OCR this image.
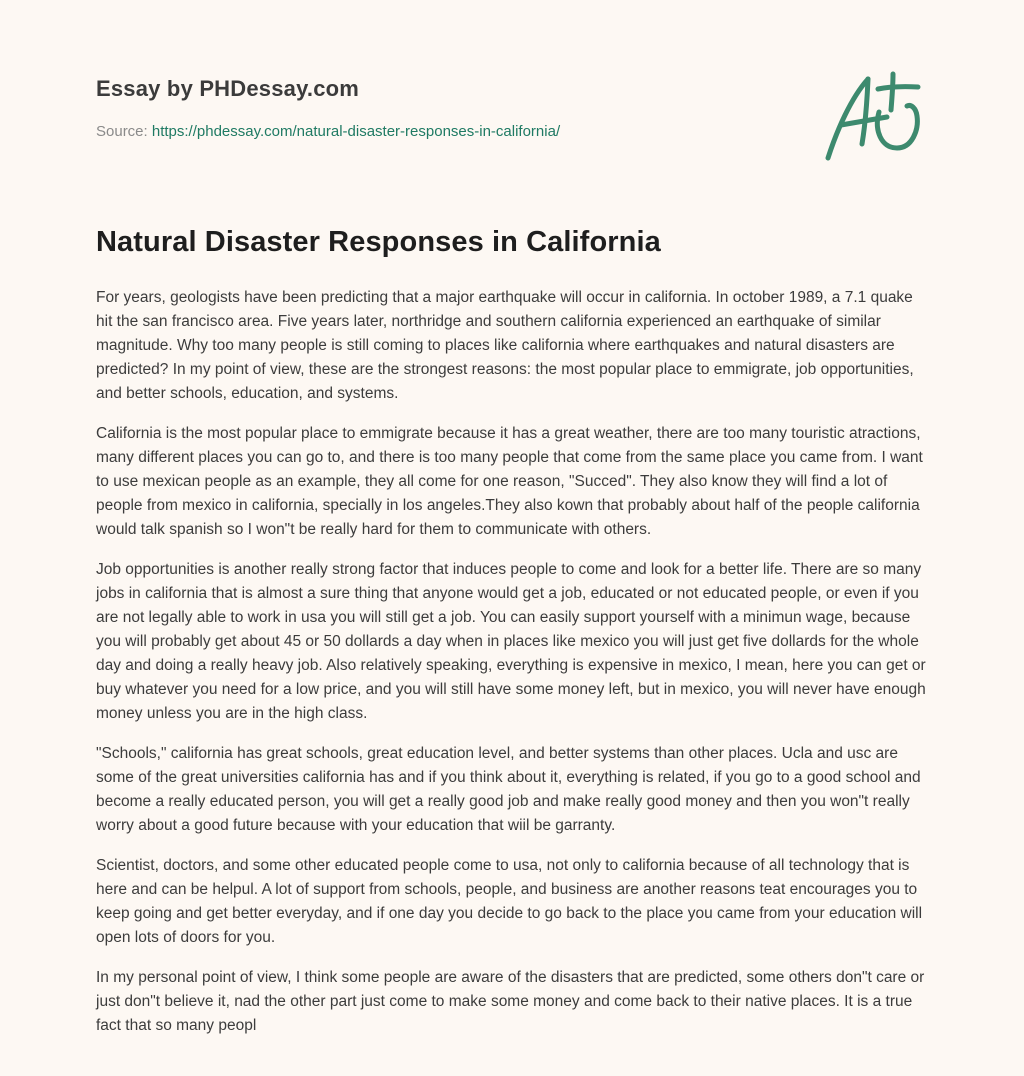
Essay by PHDessay.com
Source: https://phdessay.com/natural-disaster-responses-in-california/
Natural Disaster Responses in California

For years, geologists have been predicting that a major earthquake will occur in california. In october 1989, a 7.1 quake hit the san francisco area. Five years later, northridge and southern california experienced an earthquake of similar magnitude. Why too many people is still coming to places like california where earthquakes and natural disasters are predicted? In my point of view, these are the strongest reasons: the most popular place to emmigrate, job opportunities, and better schools, education, and systems.

California is the most popular place to emmigrate because it has a great weather, there are too many touristic atractions, many different places you can go to, and there is too many people that come from the same place you came from. I want to use mexican people as an example, they all come for one reason, "Succed". They also know they will find a lot of people from mexico in california, specially in los angeles.They also kown that probably about half of the people california would talk spanish so I won"t be really hard for them to communicate with others.

Job opportunities is another really strong factor that induces people to come and look for a better life. There are so many jobs in california that is almost a sure thing that anyone would get a job, educated or not educated people, or even if you are not legally able to work in usa you will still get a job. You can easily support yourself with a minimun wage, because you will probably get about 45 or 50 dollards a day when in places like mexico you will just get five dollards for the whole day and doing a really heavy job. Also relatively speaking, everything is expensive in mexico, I mean, here you can get or buy whatever you need for a low price, and you will still have some money left, but in mexico, you will never have enough money unless you are in the high class.

"Schools," california has great schools, great education level, and better systems than other places. Ucla and usc are some of the great universities california has and if you think about it, everything is related, if you go to a good school and become a really educated person, you will get a really good job and make really good money and then you won"t really worry about a good future because with your education that wiil be garranty.

Scientist, doctors, and some other educated people come to usa, not only to california because of all technology that is here and can be helpul. A lot of support from schools, people, and business are another reasons teat encourages you to keep going and get better everyday, and if one day you decide to go back to the place you came from your education will open lots of doors for you.

In my personal point of view, I think some people are aware of the disasters that are predicted, some others don"t care or just don"t believe it, nad the other part just come to make some money and come back to their native places. It is a true fact that so many peopl
